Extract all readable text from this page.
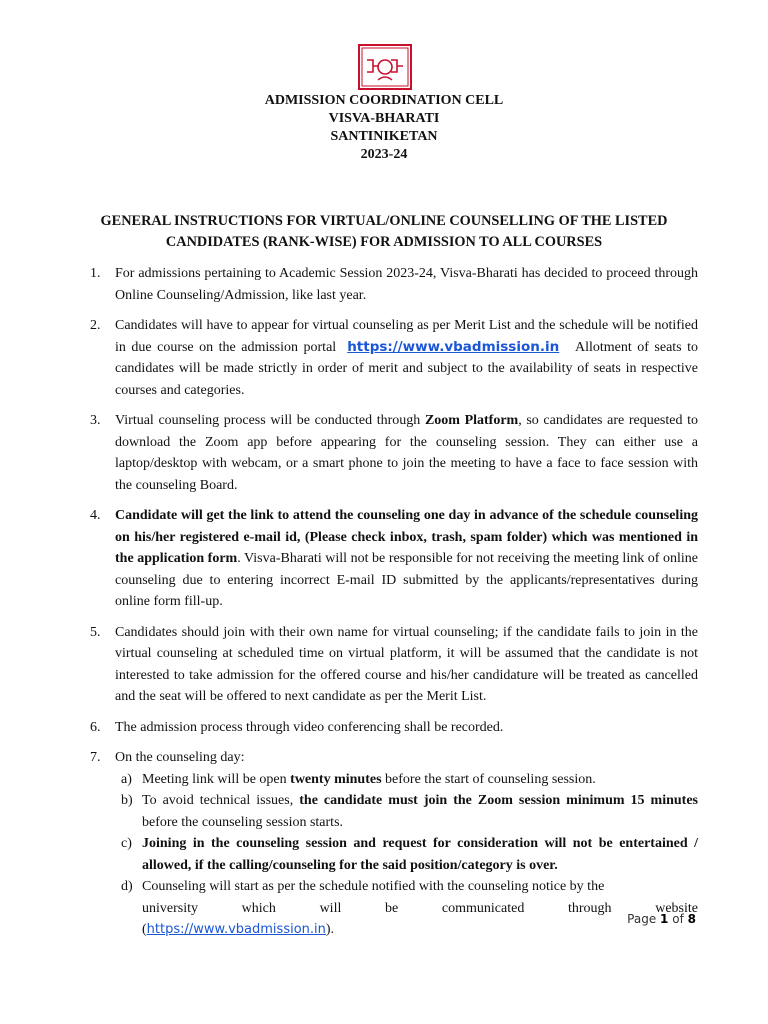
ADMISSION COORDINATION CELL
VISVA-BHARATI
SANTINIKETAN
2023-24
GENERAL INSTRUCTIONS FOR VIRTUAL/ONLINE COUNSELLING OF THE LISTED
CANDIDATES (RANK-WISE) FOR ADMISSION TO ALL COURSES
1.	For admissions pertaining to Academic Session 2023-24, Visva-Bharati has decided to proceed through Online Counseling/Admission, like last year.
2.	Candidates will have to appear for virtual counseling as per Merit List and the schedule will be notified in due course on the admission portal https://www.vbadmission.in Allotment of seats to candidates will be made strictly in order of merit and subject to the availability of seats in respective courses and categories.
3.	Virtual counseling process will be conducted through Zoom Platform, so candidates are requested to download the Zoom app before appearing for the counseling session. They can either use a laptop/desktop with webcam, or a smart phone to join the meeting to have a face to face session with the counseling Board.
4.	Candidate will get the link to attend the counseling one day in advance of the schedule counseling on his/her registered e-mail id, (Please check inbox, trash, spam folder) which was mentioned in the application form. Visva-Bharati will not be responsible for not receiving the meeting link of online counseling due to entering incorrect E-mail ID submitted by the applicants/representatives during online form fill-up.
5.	Candidates should join with their own name for virtual counseling; if the candidate fails to join in the virtual counseling at scheduled time on virtual platform, it will be assumed that the candidate is not interested to take admission for the offered course and his/her candidature will be treated as cancelled and the seat will be offered to next candidate as per the Merit List.
6.	The admission process through video conferencing shall be recorded.
7.	On the counseling day:
a) Meeting link will be open twenty minutes before the start of counseling session.
b) To avoid technical issues, the candidate must join the Zoom session minimum 15 minutes before the counseling session starts.
c) Joining in the counseling session and request for consideration will not be entertained / allowed, if the calling/counseling for the said position/category is over.
d) Counseling will start as per the schedule notified with the counseling notice by the
university	which	will	be	communicated	through	website
(https://www.vbadmission.in).
Page 1 of 8
